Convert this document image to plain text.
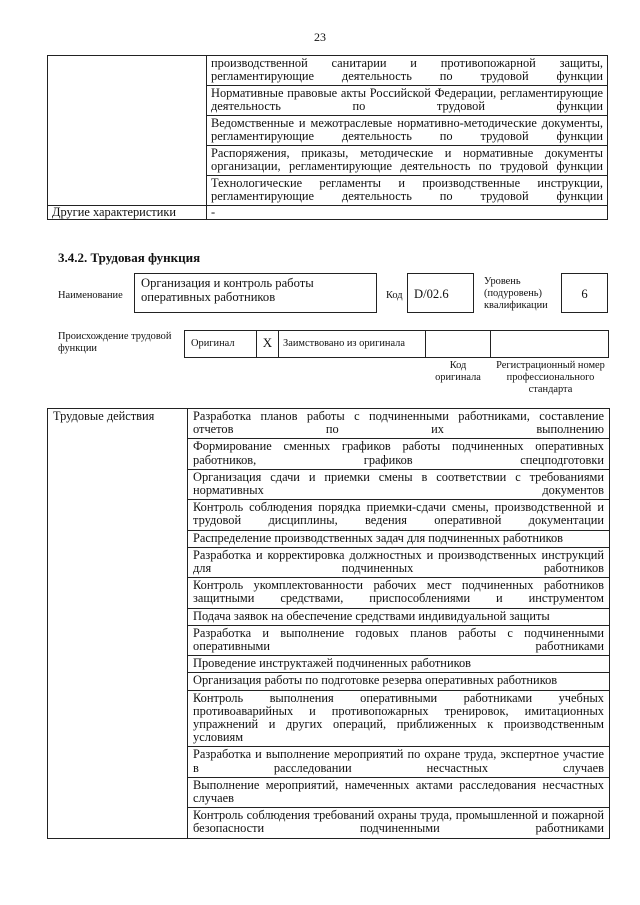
23
	производственной санитарии и противопожарной защиты, регламентирующие деятельность по трудовой функции
	Нормативные правовые акты Российской Федерации, регламентирующие деятельность по трудовой функции
	Ведомственные и межотраслевые нормативно-методические документы, регламентирующие деятельность по трудовой функции
	Распоряжения, приказы, методические и нормативные документы организации, регламентирующие деятельность по трудовой функции
	Технологические регламенты и производственные инструкции, регламентирующие деятельность по трудовой функции
Другие характеристики	-
3.4.2. Трудовая функция
Наименование
Организация и контроль работы оперативных работников	Код D/02.6
Уровень (подуровень) квалификации
6
Происхождение трудовой функции	Оригинал	X	Заимствовано из оригинала
Код оригинала
Регистрационный номер профессионального стандарта
Трудовые действия	Разработка планов работы с подчиненными работниками, составление отчетов по их выполнению
Формирование сменных графиков работы подчиненных оперативных работников, графиков спецподготовки
Организация сдачи и приемки смены в соответствии с требованиями нормативных документов
Контроль соблюдения порядка приемки-сдачи смены, производственной и трудовой дисциплины, ведения оперативной документации
Распределение производственных задач для подчиненных работников
Разработка и корректировка должностных и производственных инструкций для подчиненных работников
Контроль укомплектованности рабочих мест подчиненных работников защитными средствами, приспособлениями и инструментом
Подача заявок на обеспечение средствами индивидуальной защиты
Разработка и выполнение годовых планов работы с подчиненными оперативными работниками
Проведение инструктажей подчиненных работников
Организация работы по подготовке резерва оперативных работников
Контроль выполнения оперативными работниками учебных противоаварийных и противопожарных тренировок, имитационных упражнений и других операций, приближенных к производственным условиям
Разработка и выполнение мероприятий по охране труда, экспертное участие в расследовании несчастных случаев
Выполнение мероприятий, намеченных актами расследования несчастных случаев
Контроль соблюдения требований охраны труда, промышленной и пожарной безопасности подчиненными работниками
